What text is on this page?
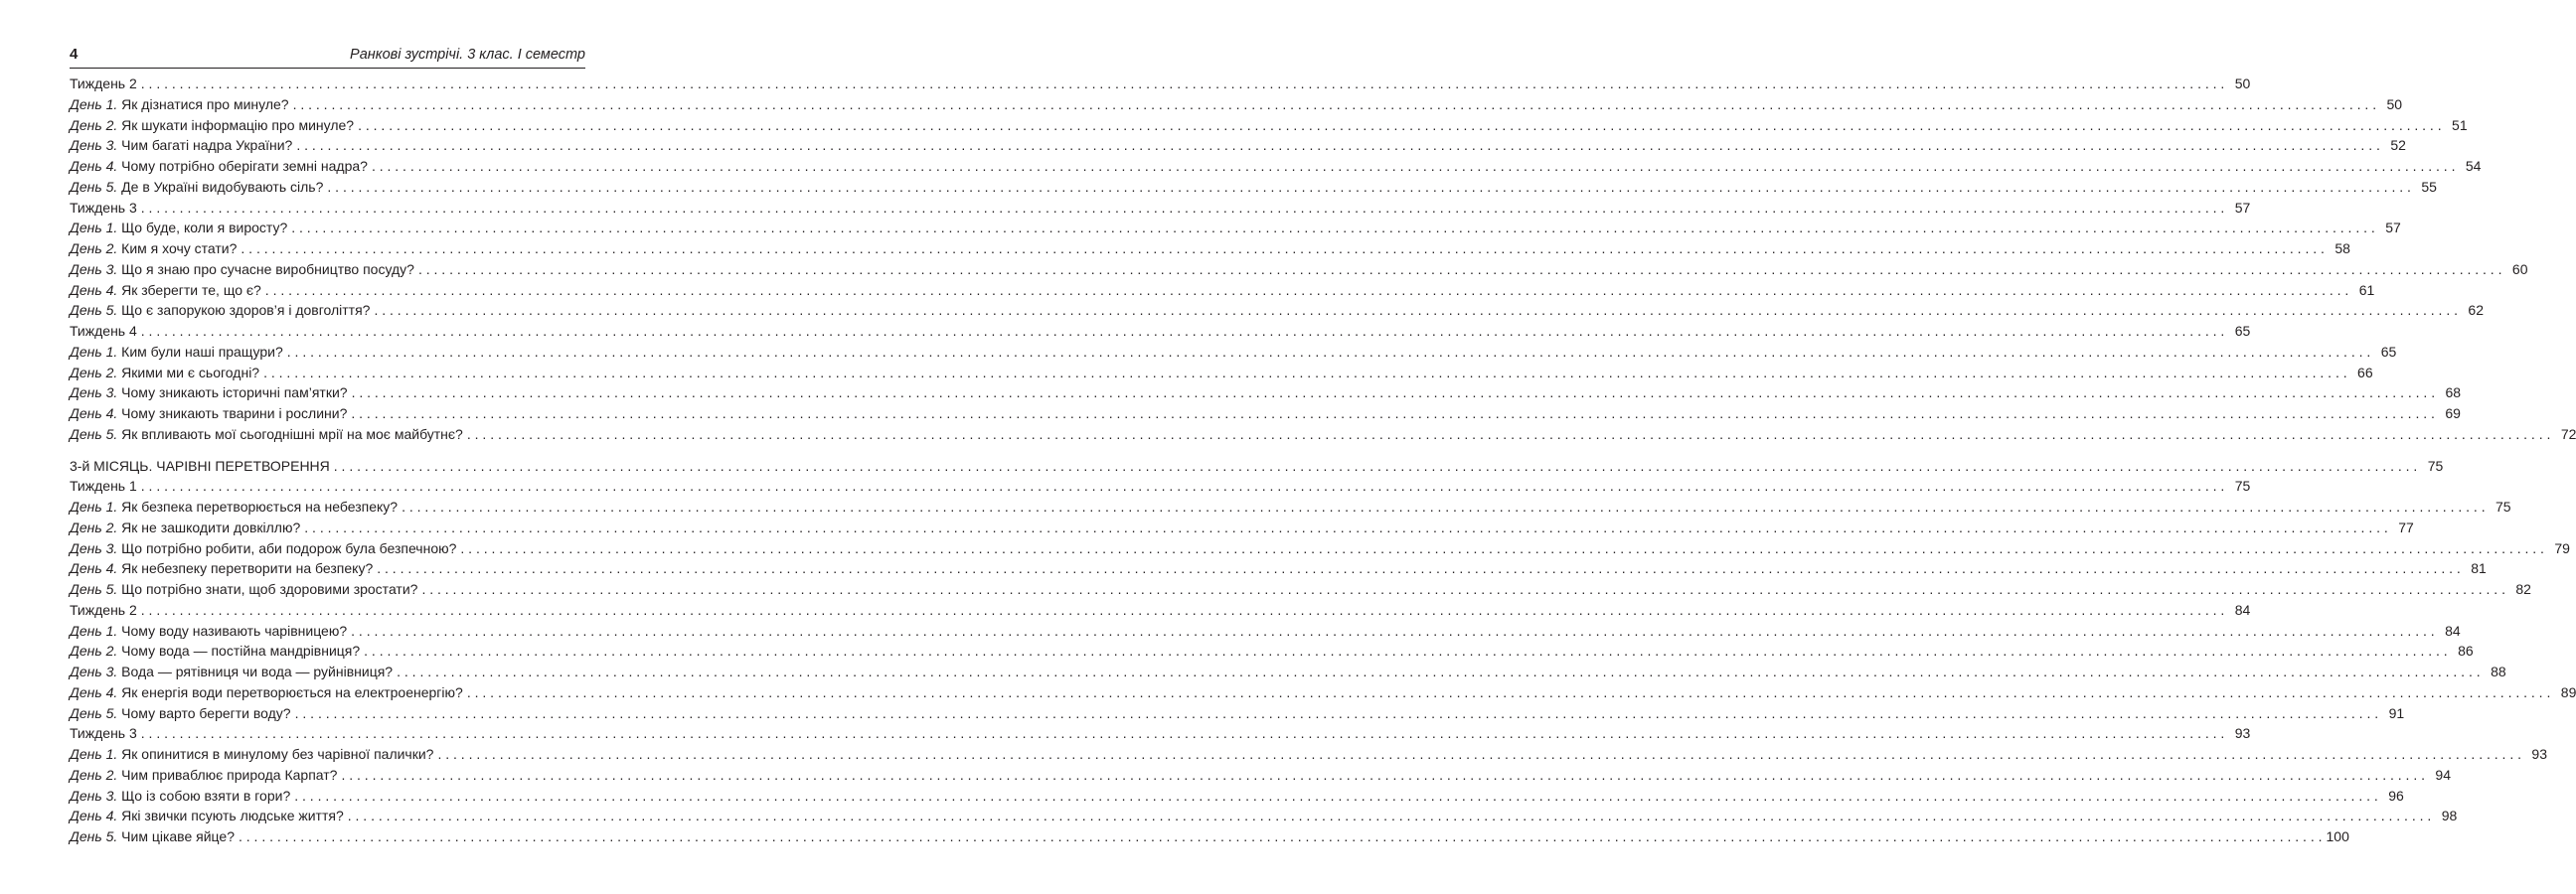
4	Ранкові зустрічі. 3 клас. І семестр
Тиждень 2 . . .	50
День 1. Як дізнатися про минуле? . . .	50
День 2. Як шукати інформацію про минуле? . . .	51
День 3. Чим багаті надра України? . . .	52
День 4. Чому потрібно оберігати земні надра? . . .	54
День 5. Де в Україні видобувають сіль? . . .	55
Тиждень 3 . . .	57
День 1. Що буде, коли я виросту? . . .	57
День 2. Ким я хочу стати? . . .	58
День 3. Що я знаю про сучасне виробництво посуду? . . .	60
День 4. Як зберегти те, що є? . . .	61
День 5. Що є запорукою здоров’я і довголіття? . . .	62
Тиждень 4 . . .	65
День 1. Ким були наші пращури? . . .	65
День 2. Якими ми є сьогодні? . . .	66
День 3. Чому зникають історичні пам’ятки? . . .	68
День 4. Чому зникають тварини і рослини? . . .	69
День 5. Як впливають мої сьогоднішні мрії на моє майбутнє? . . .	72
3-й МІСЯЦЬ. ЧАРІВНІ ПЕРЕТВОРЕННЯ . . .	75
Тиждень 1 . . .	75
День 1. Як безпека перетворюється на небезпеку? . . .	75
День 2. Як не зашкодити довкіллю? . . .	77
День 3. Що потрібно робити, аби подорож була безпечною? . . .	79
День 4. Як небезпеку перетворити на безпеку? . . .	81
День 5. Що потрібно знати, щоб здоровими зростати? . . .	82
Тиждень 2 . . .	84
День 1. Чому воду називають чарівницею? . . .	84
День 2. Чому вода — постійна мандрівниця? . . .	86
День 3. Вода — рятівниця чи вода — руйнівниця? . . .	88
День 4. Як енергія води перетворюється на електроенергію? . . .	89
День 5. Чому варто берегти воду? . . .	91
Тиждень 3 . . .	93
День 1. Як опинитися в минулому без чарівної палички? . . .	93
День 2. Чим приваблює природа Карпат? . . .	94
День 3. Що із собою взяти в гори? . . .	96
День 4. Які звички псують людське життя? . . .	98
День 5. Чим цікаве яйце? . . .	100
